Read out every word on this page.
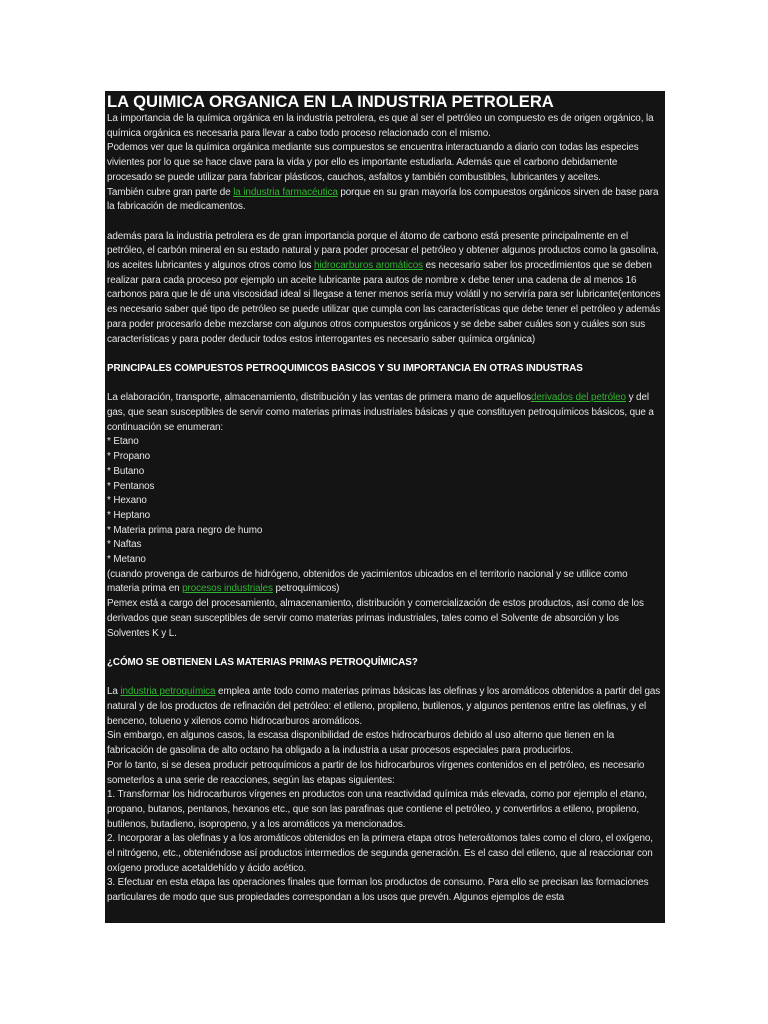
LA QUIMICA ORGANICA EN LA INDUSTRIA PETROLERA

La importancia de la química orgánica en la industria petrolera, es que al ser el petróleo un compuesto es de origen orgánico, la química orgánica es necesaria para llevar a cabo todo proceso relacionado con el mismo.

Podemos ver que la química orgánica mediante sus compuestos se encuentra interactuando a diario con todas las especies vivientes por lo que se hace clave para la vida y por ello es importante estudiarla. Además que el carbono debidamente procesado se puede utilizar para fabricar plásticos, cauchos, asfaltos y también combustibles, lubricantes y aceites.

También cubre gran parte de la industria farmacéutica porque en su gran mayoría los compuestos orgánicos sirven de base para la fabricación de medicamentos.

además para la industria petrolera es de gran importancia porque el átomo de carbono está presente principalmente en el petróleo, el carbón mineral en su estado natural y para poder procesar el petróleo y obtener algunos productos como la gasolina, los aceites lubricantes y algunos otros como los hidrocarburos aromáticos es necesario saber los procedimientos que se deben realizar para cada proceso por ejemplo un aceite lubricante para autos de nombre x debe tener una cadena de al menos 16 carbonos para que le dé una viscosidad ideal si llegase a tener menos sería muy volátil y no serviría para ser lubricante(entonces es necesario saber qué tipo de petróleo se puede utilizar que cumpla con las características que debe tener el petróleo y además para poder procesarlo debe mezclarse con algunos otros compuestos orgánicos y se debe saber cuáles son y cuáles son sus características y para poder deducir todos estos interrogantes es necesario saber química orgánica)

PRINCIPALES COMPUESTOS PETROQUIMICOS BASICOS Y SU IMPORTANCIA EN OTRAS INDUSTRAS

La elaboración, transporte, almacenamiento, distribución y las ventas de primera mano de aquellosderivados del petróleo y del gas, que sean susceptibles de servir como materias primas industriales básicas y que constituyen petroquímicos básicos, que a continuación se enumeran:

* Etano
* Propano
* Butano
* Pentanos
* Hexano
* Heptano
* Materia prima para negro de humo
* Naftas
* Metano

(cuando provenga de carburos de hidrógeno, obtenidos de yacimientos ubicados en el territorio nacional y se utilice como materia prima en procesos industriales petroquímicos)

Pemex está a cargo del procesamiento, almacenamiento, distribución y comercialización de estos productos, así como de los derivados que sean susceptibles de servir como materias primas industriales, tales como el Solvente de absorción y los Solventes K y L.

¿CÓMO SE OBTIENEN LAS MATERIAS PRIMAS PETROQUÍMICAS?

La industria petroquímica emplea ante todo como materias primas básicas las olefinas y los aromáticos obtenidos a partir del gas natural y de los productos de refinación del petróleo: el etileno, propileno, butilenos, y algunos pentenos entre las olefinas, y el benceno, tolueno y xilenos como hidrocarburos aromáticos.

Sin embargo, en algunos casos, la escasa disponibilidad de estos hidrocarburos debido al uso alterno que tienen en la fabricación de gasolina de alto octano ha obligado a la industria a usar procesos especiales para producirlos.

Por lo tanto, si se desea producir petroquímicos a partir de los hidrocarburos vírgenes contenidos en el petróleo, es necesario someterlos a una serie de reacciones, según las etapas siguientes:

1. Transformar los hidrocarburos vírgenes en productos con una reactividad química más elevada, como por ejemplo el etano, propano, butanos, pentanos, hexanos etc., que son las parafinas que contiene el petróleo, y convertirlos a etileno, propileno, butilenos, butadieno, isopropeno, y a los aromáticos ya mencionados.

2. Incorporar a las olefinas y a los aromáticos obtenidos en la primera etapa otros heteroátomos tales como el cloro, el oxígeno, el nitrógeno, etc., obteniéndose así productos intermedios de segunda generación. Es el caso del etileno, que al reaccionar con oxígeno produce acetaldehído y ácido acético.

3. Efectuar en esta etapa las operaciones finales que forman los productos de consumo. Para ello se precisan las formaciones particulares de modo que sus propiedades correspondan a los usos que prevén. Algunos ejemplos de esta
